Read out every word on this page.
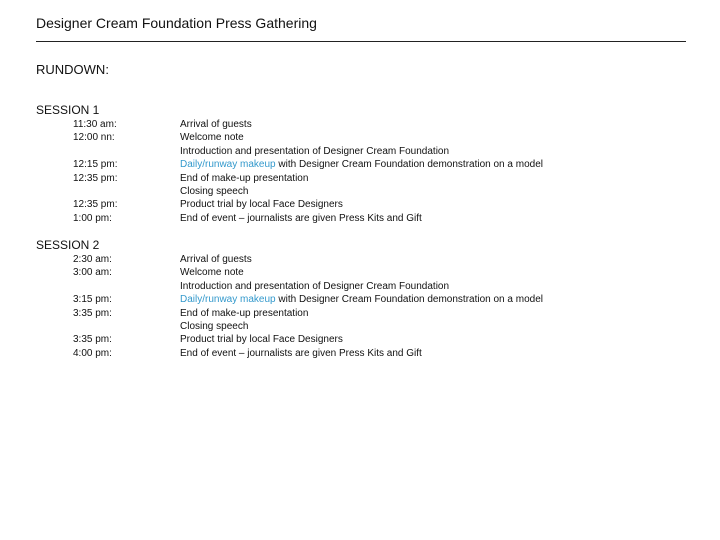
Designer Cream Foundation Press Gathering
RUNDOWN:
SESSION 1
11:30 am:	Arrival of guests
12:00 nn:	Welcome note
Introduction and presentation of Designer Cream Foundation
12:15 pm:	Daily/runway makeup with Designer Cream Foundation demonstration on a model
12:35 pm:	End of make-up presentation
Closing speech
12:35 pm:	Product trial by local Face Designers
1:00 pm:	End of event – journalists are given Press Kits and Gift
SESSION 2
2:30 am:	Arrival of guests
3:00 am:	Welcome note
Introduction and presentation of Designer Cream Foundation
3:15 pm:	Daily/runway makeup with Designer Cream Foundation demonstration on a model
3:35 pm:	End of make-up presentation
Closing speech
3:35 pm:	Product trial by local Face Designers
4:00 pm:	End of event – journalists are given Press Kits and Gift
